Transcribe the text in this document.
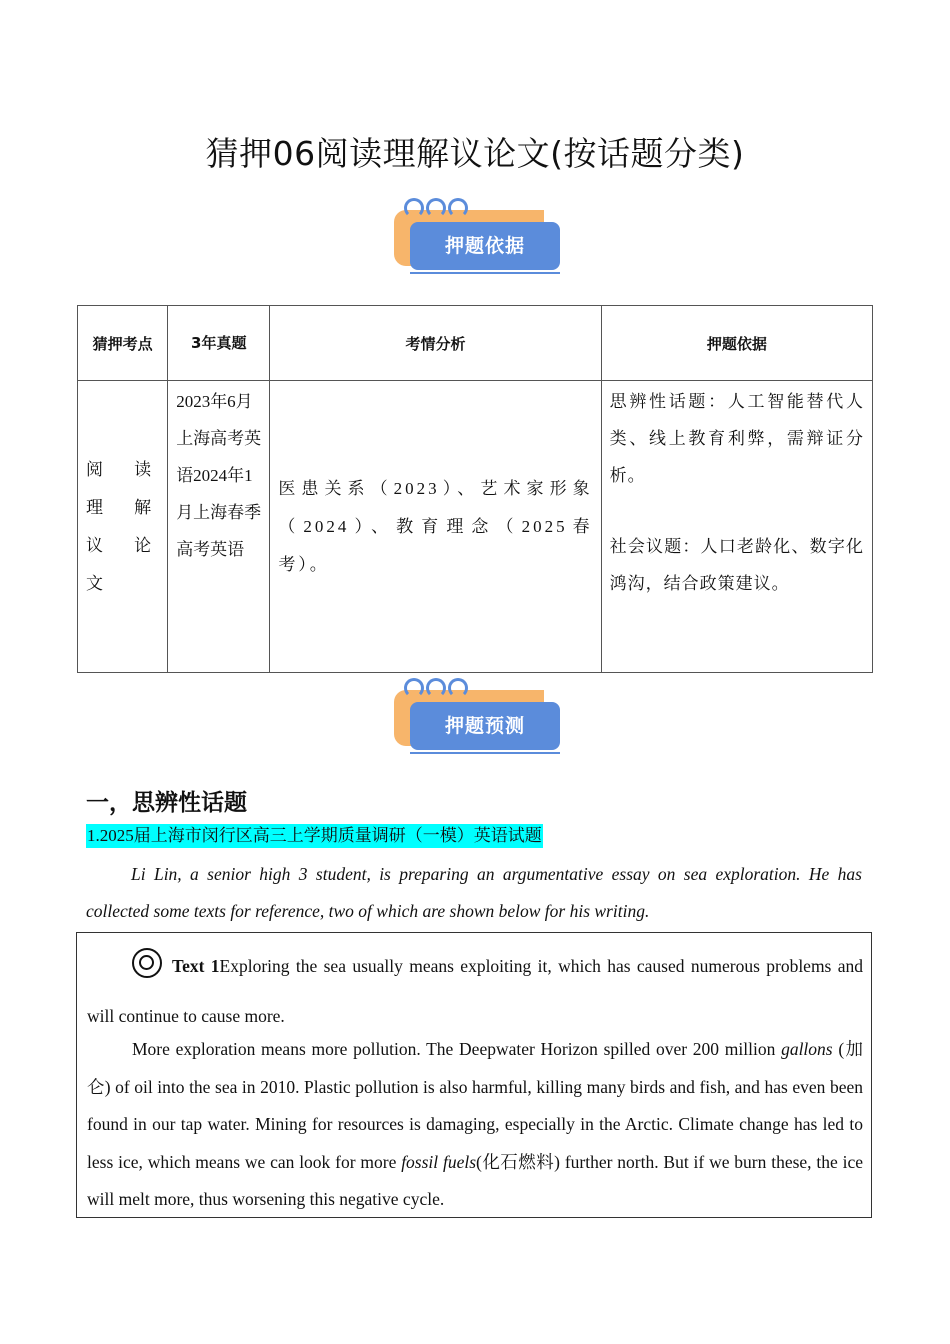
猜押06阅读理解议论文(按话题分类)
押题依据
猜押考点	3年真题	考情分析	押题依据
阅读理解议论文	2023年6月上海高考英语2024年1月上海春季高考英语	医患关系（2023）、艺术家形象（2024）、教育理念（2025春考）。	思辨性话题：人工智能替代人类、线上教育利弊，需辩证分析。

社会议题：人口老龄化、数字化鸿沟，结合政策建议。

押题预测
一，思辨性话题
1.2025届上海市闵行区高三上学期质量调研（一模）英语试题
Li Lin, a senior high 3 student, is preparing an argumentative essay on sea exploration. He has collected some texts for reference, two of which are shown below for his writing.
Text 1Exploring the sea usually means exploiting it, which has caused numerous problems and will continue to cause more.
More exploration means more pollution. The Deepwater Horizon spilled over 200 million gallons (加仑) of oil into the sea in 2010. Plastic pollution is also harmful, killing many birds and fish, and has even been found in our tap water. Mining for resources is damaging, especially in the Arctic. Climate change has led to less ice, which means we can look for more fossil fuels(化石燃料) further north. But if we burn these, the ice will melt more, thus worsening this negative cycle.
